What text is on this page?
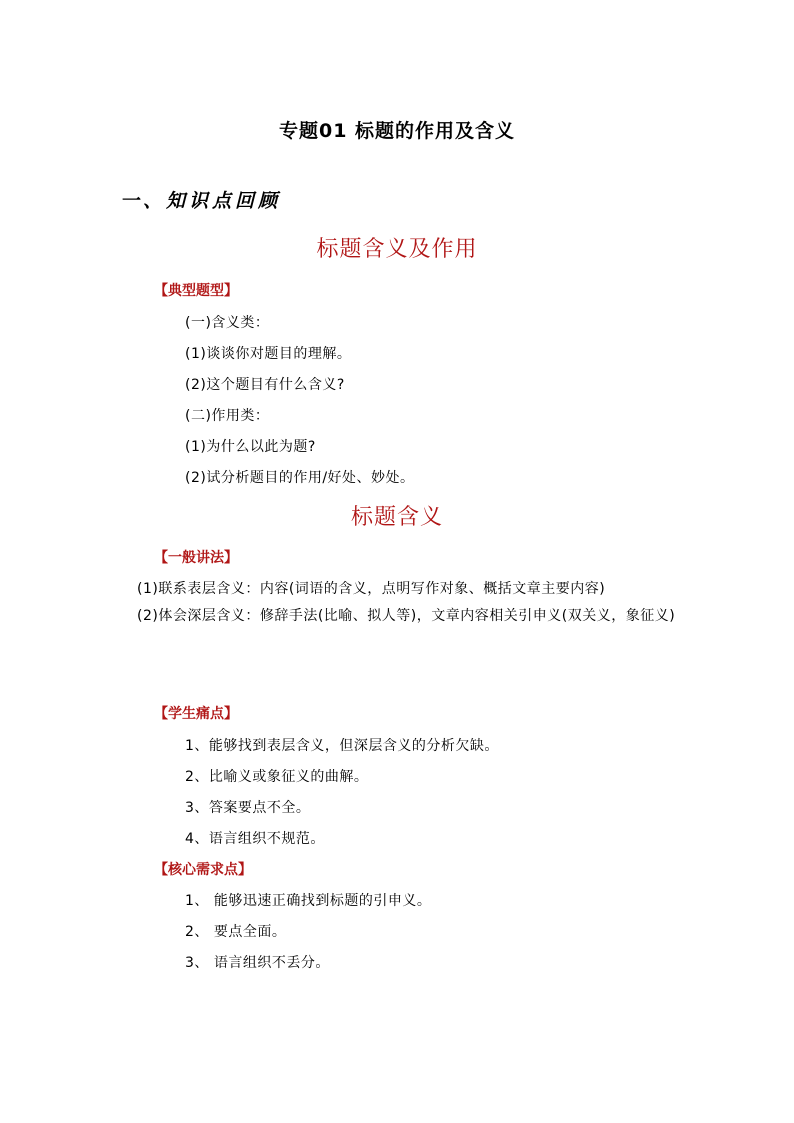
专题01 标题的作用及含义
一、知识点回顾
标题含义及作用
【典型题型】
(一)含义类：
(1)谈谈你对题目的理解。
(2)这个题目有什么含义?
(二)作用类：
(1)为什么以此为题?
(2)试分析题目的作用/好处、妙处。
标题含义
【一般讲法】
(1)联系表层含义：内容(词语的含义，点明写作对象、概括文章主要内容)
(2)体会深层含义：修辞手法(比喻、拟人等)，文章内容相关引申义(双关义，象征义)
【学生痛点】
1、能够找到表层含义，但深层含义的分析欠缺。
2、比喻义或象征义的曲解。
3、答案要点不全。
4、语言组织不规范。
【核心需求点】
1、 能够迅速正确找到标题的引申义。
2、 要点全面。
3、 语言组织不丢分。
